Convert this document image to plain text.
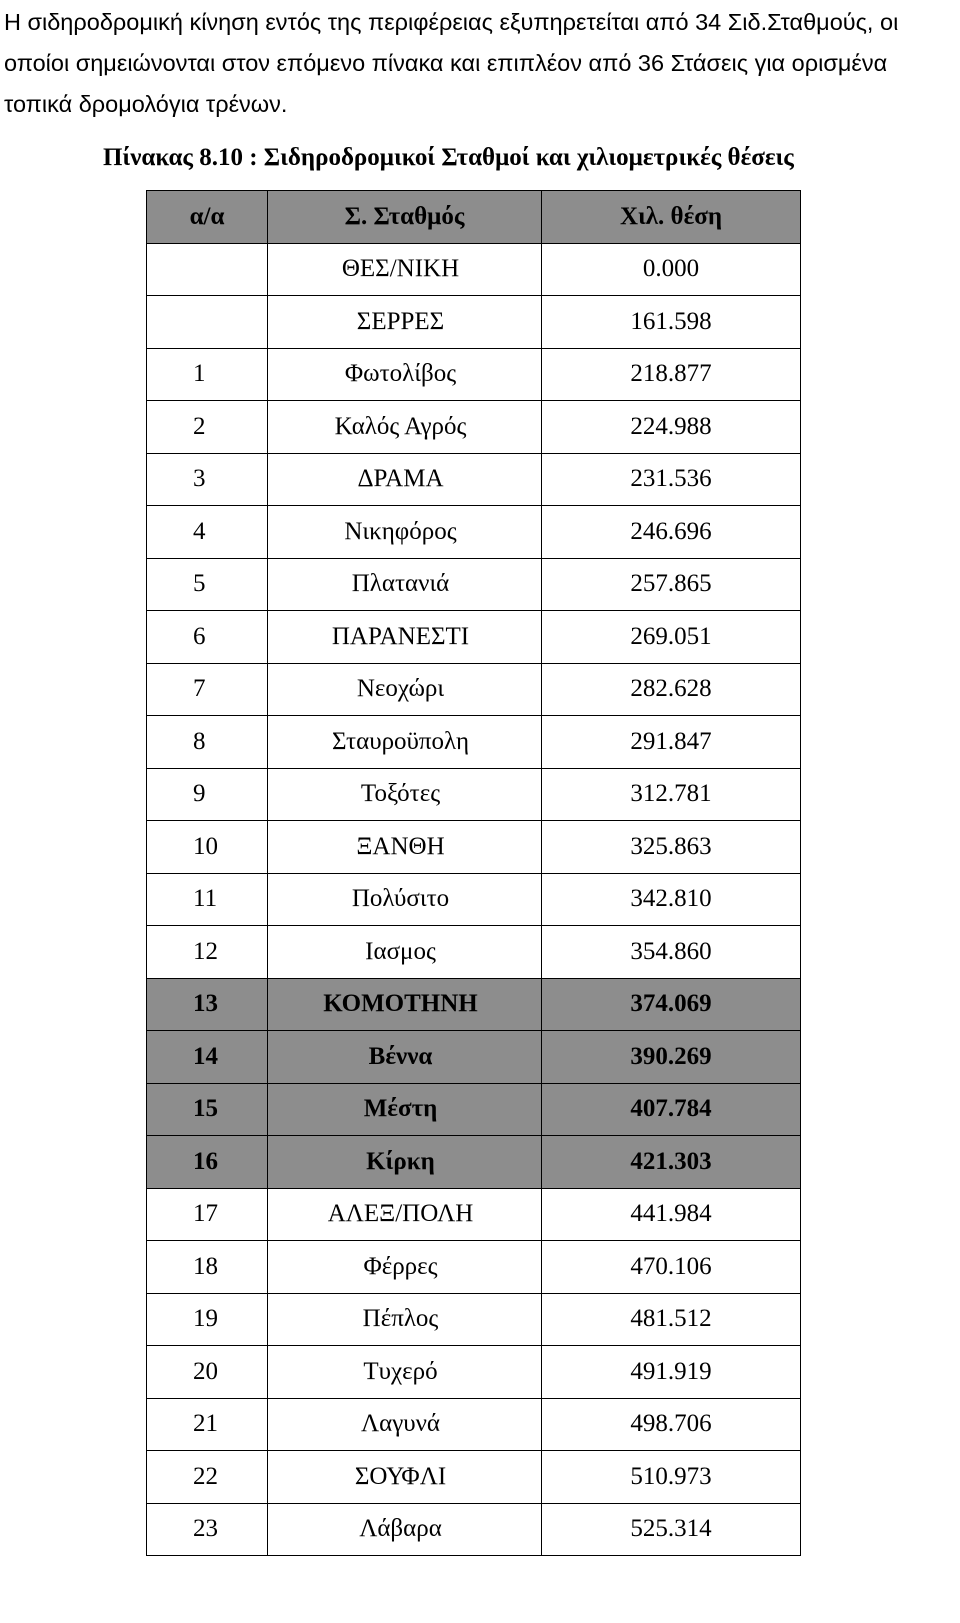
Η σιδηροδρομική κίνηση εντός της περιφέρειας εξυπηρετείται από 34 Σιδ.Σταθμούς, οι οποίοι σημειώνονται στον επόμενο πίνακα και επιπλέον από 36 Στάσεις για ορισμένα τοπικά δρομολόγια τρένων.

Πίνακας 8.10 : Σιδηροδρομικοί Σταθμοί και χιλιομετρικές θέσεις

α/α	Σ. Σταθμός	Χιλ. θέση
	ΘΕΣ/ΝΙΚΗ	0.000
	ΣΕΡΡΕΣ	161.598
1	Φωτολίβος	218.877
2	Καλός Αγρός	224.988
3	ΔΡΑΜΑ	231.536
4	Νικηφόρος	246.696
5	Πλατανιά	257.865
6	ΠΑΡΑΝΕΣΤΙ	269.051
7	Νεοχώρι	282.628
8	Σταυροϋπολη	291.847
9	Τοξότες	312.781
10	ΞΑΝΘΗ	325.863
11	Πολύσιτο	342.810
12	Ιασμος	354.860
13	ΚΟΜΟΤΗΝΗ	374.069
14	Βέννα	390.269
15	Μέστη	407.784
16	Κίρκη	421.303
17	ΑΛΕΞ/ΠΟΛΗ	441.984
18	Φέρρες	470.106
19	Πέπλος	481.512
20	Τυχερό	491.919
21	Λαγυνά	498.706
22	ΣΟΥΦΛΙ	510.973
23	Λάβαρα	525.314
